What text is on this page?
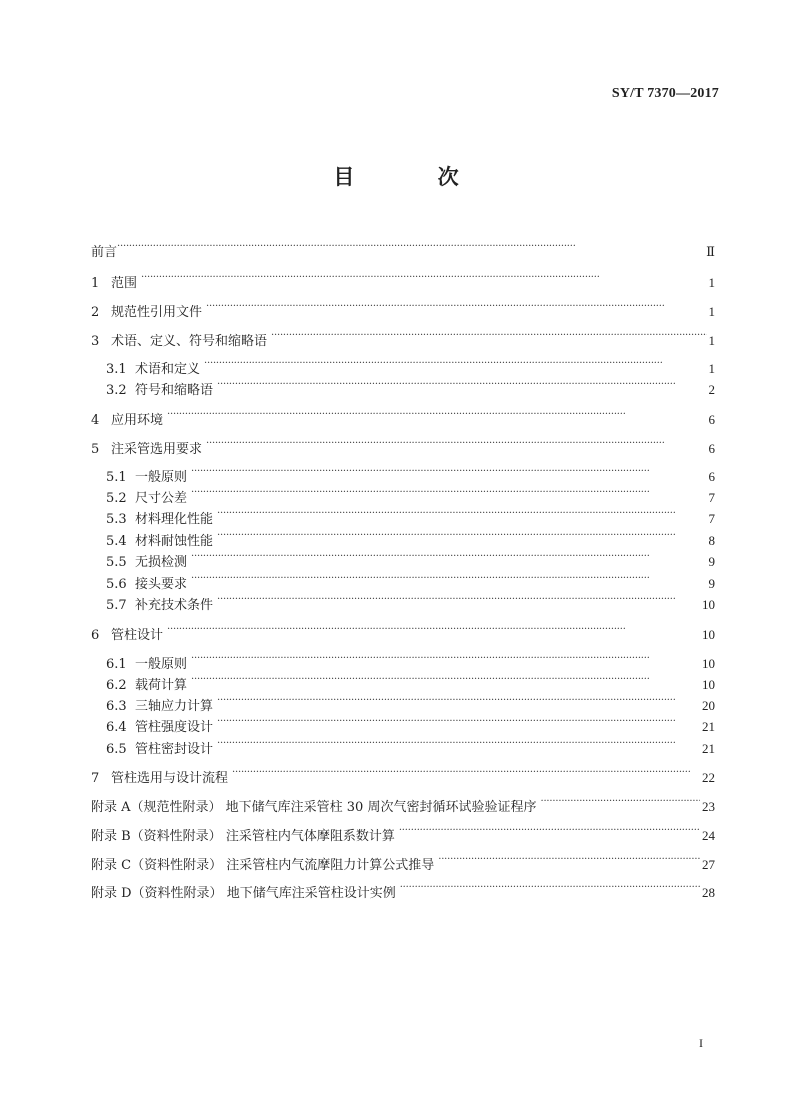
SY/T 7370—2017
目 次
前言 ·····	Ⅱ
1 范围 ·····	1
2 规范性引用文件 ·····	1
3 术语、定义、符号和缩略语 ·····	1
3.1 术语和定义 ·····	1
3.2 符号和缩略语 ·····	2
4 应用环境 ·····	6
5 注采管选用要求 ·····	6
5.1 一般原则 ·····	6
5.2 尺寸公差 ·····	7
5.3 材料理化性能 ·····	7
5.4 材料耐蚀性能 ·····	8
5.5 无损检测 ·····	9
5.6 接头要求 ·····	9
5.7 补充技术条件 ·····	10
6 管柱设计 ·····	10
6.1 一般原则 ·····	10
6.2 载荷计算 ·····	10
6.3 三轴应力计算 ·····	20
6.4 管柱强度设计 ·····	21
6.5 管柱密封设计 ·····	21
7 管柱选用与设计流程 ·····	22
附录 A（规范性附录） 地下储气库注采管柱 30 周次气密封循环试验验证程序 ·····	23
附录 B（资料性附录） 注采管柱内气体摩阻系数计算 ·····	24
附录 C（资料性附录） 注采管柱内气流摩阻力计算公式推导 ·····	27
附录 D（资料性附录） 地下储气库注采管柱设计实例 ·····	28
I
